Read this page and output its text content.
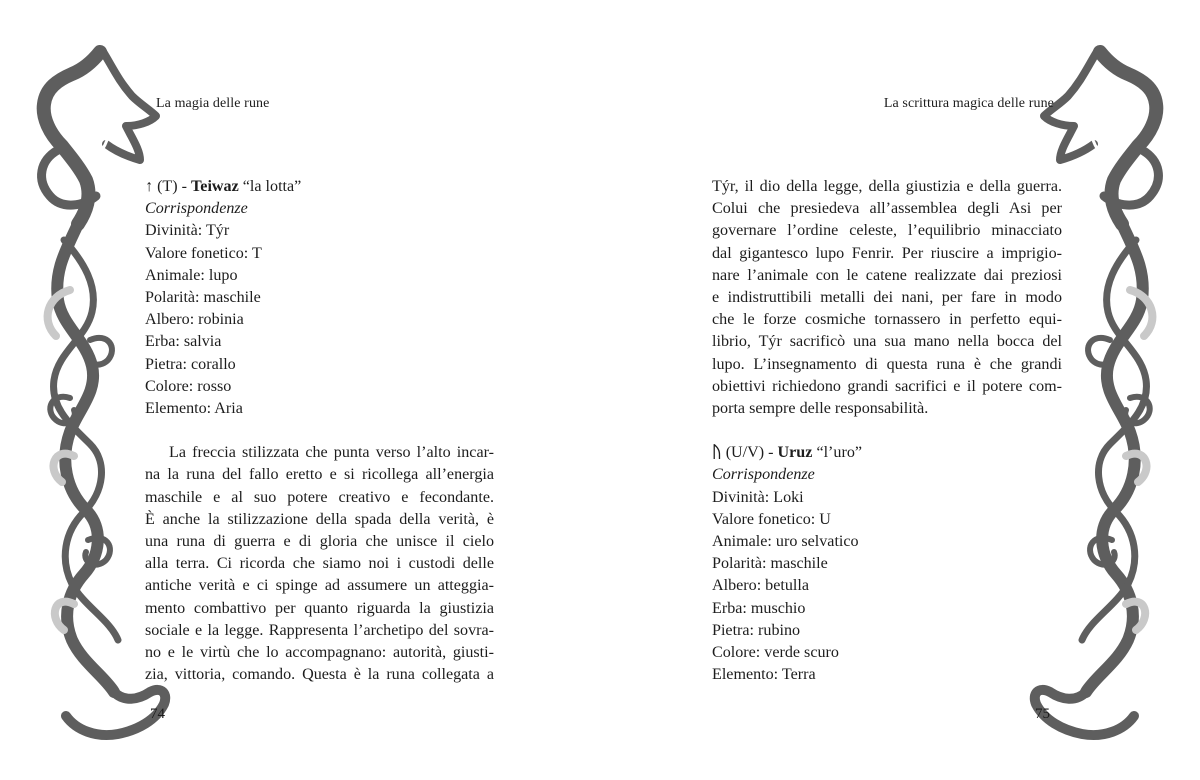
La magia delle rune
↑ (T) - Teiwaz “la lotta”
Corrispondenze
Divinità: Týr
Valore fonetico: T
Animale: lupo
Polarità: maschile
Albero: robinia
Erba: salvia
Pietra: corallo
Colore: rosso
Elemento: Aria
La freccia stilizzata che punta verso l’alto incar-
na la runa del fallo eretto e si ricollega all’energia
maschile e al suo potere creativo e fecondante.
È anche la stilizzazione della spada della verità, è
una runa di guerra e di gloria che unisce il cielo
alla terra. Ci ricorda che siamo noi i custodi delle
antiche verità e ci spinge ad assumere un atteggia-
mento combattivo per quanto riguarda la giustizia
sociale e la legge. Rappresenta l’archetipo del sovra-
no e le virtù che lo accompagnano: autorità, giusti-
zia, vittoria, comando. Questa è la runa collegata a
74
La scrittura magica delle rune
Týr, il dio della legge, della giustizia e della guerra.
Colui che presiedeva all’assemblea degli Asi per
governare l’ordine celeste, l’equilibrio minacciato
dal gigantesco lupo Fenrir. Per riuscire a imprigio-
nare l’animale con le catene realizzate dai preziosi
e indistruttibili metalli dei nani, per fare in modo
che le forze cosmiche tornassero in perfetto equi-
librio, Týr sacrificò una sua mano nella bocca del
lupo. L’insegnamento di questa runa è che grandi
obiettivi richiedono grandi sacrifici e il potere com-
porta sempre delle responsabilità.
ᚢ (U/V) - Uruz “l’uro”
Corrispondenze
Divinità: Loki
Valore fonetico: U
Animale: uro selvatico
Polarità: maschile
Albero: betulla
Erba: muschio
Pietra: rubino
Colore: verde scuro
Elemento: Terra
75
